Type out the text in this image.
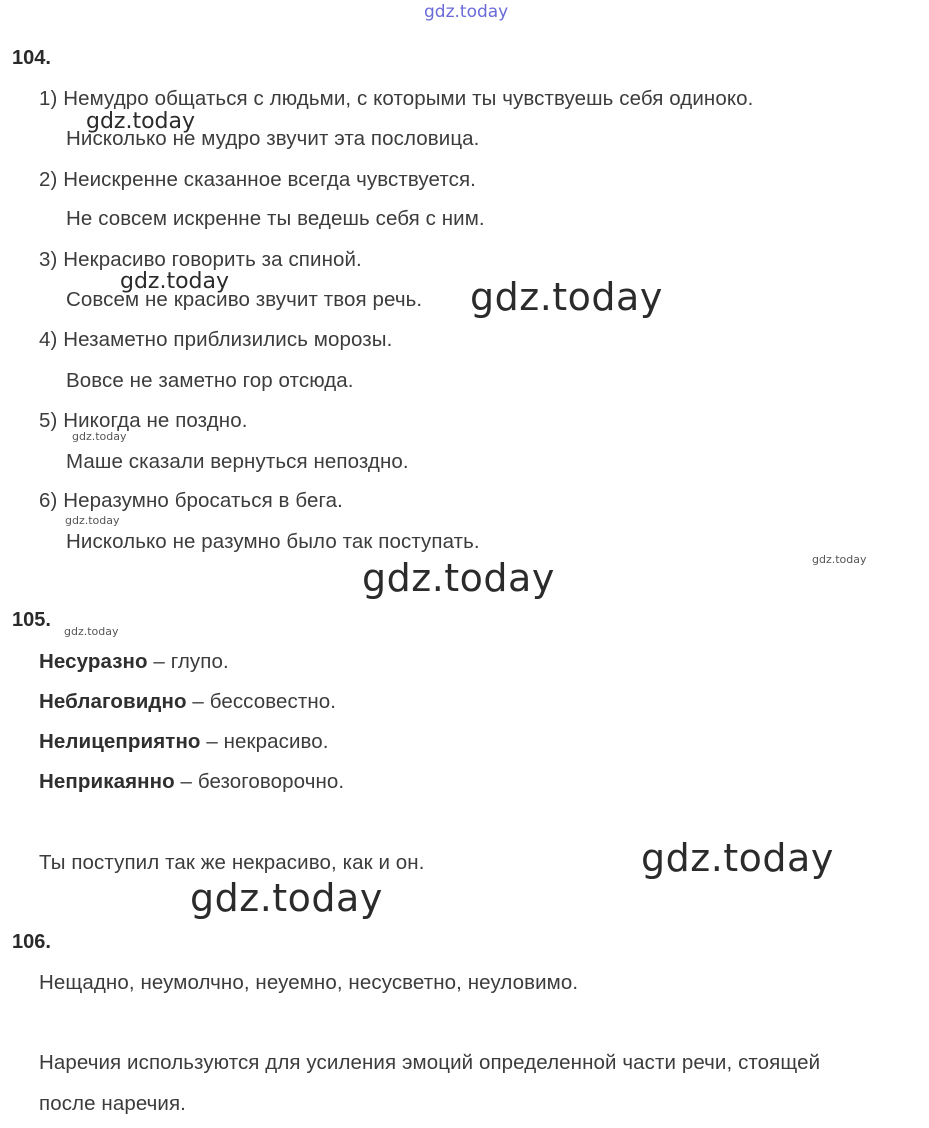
gdz.today
104.
1) Немудро общаться с людьми, с которыми ты чувствуешь себя одиноко.
Нисколько не мудро звучит эта пословица.
2) Неискренне сказанное всегда чувствуется.
Не совсем искренне ты ведешь себя с ним.
3) Некрасиво говорить за спиной.
Совсем не красиво звучит твоя речь.
4) Незаметно приблизились морозы.
Вовсе не заметно гор отсюда.
5) Никогда не поздно.
Маше сказали вернуться непоздно.
6) Неразумно бросаться в бега.
Нисколько не разумно было так поступать.
105.
Несуразно – глупо.
Неблаговидно – бессовестно.
Нелицеприятно – некрасиво.
Неприкаянно – безоговорочно.
Ты поступил так же некрасиво, как и он.
106.
Нещадно, неумолчно, неуемно, несусветно, неуловимо.
Наречия используются для усиления эмоций определенной части речи, стоящей
после наречия.
gdz.today
gdz.today	gdz.today
gdz.today
gdz.today
gdz.today
gdz.today
gdz.today
gdz.today
gdz.today
